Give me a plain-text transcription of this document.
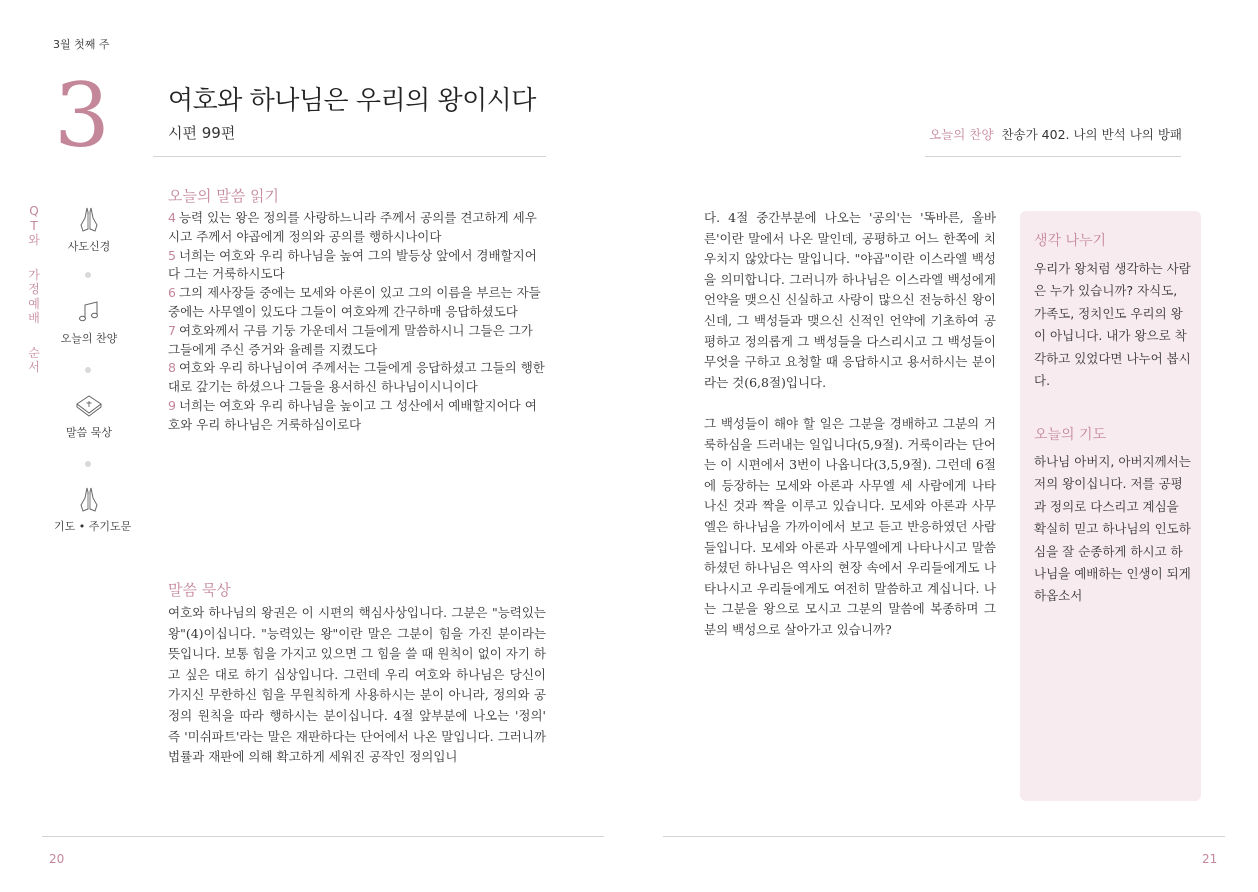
3월 첫째 주
3 여호와 하나님은 우리의 왕이시다
시편 99편
Q
T
와
가
정
예
배
순
서
사도신경
오늘의 찬양
말씀 묵상
기도 • 주기도문
오늘의 말씀 읽기
4 능력 있는 왕은 정의를 사랑하느니라 주께서 공의를 견고하게 세우시고 주께서 야곱에게 정의와 공의를 행하시나이다
5 너희는 여호와 우리 하나님을 높여 그의 발등상 앞에서 경배할지어다 그는 거룩하시도다
6 그의 제사장들 중에는 모세와 아론이 있고 그의 이름을 부르는 자들 중에는 사무엘이 있도다 그들이 여호와께 간구하매 응답하셨도다
7 여호와께서 구름 기둥 가운데서 그들에게 말씀하시니 그들은 그가 그들에게 주신 증거와 율례를 지켰도다
8 여호와 우리 하나님이여 주께서는 그들에게 응답하셨고 그들의 행한 대로 갚기는 하셨으나 그들을 용서하신 하나님이시니이다
9 너희는 여호와 우리 하나님을 높이고 그 성산에서 예배할지어다 여호와 우리 하나님은 거룩하심이로다
말씀 묵상

여호와 하나님의 왕권은 이 시편의 핵심사상입니다. 그분은 "능력있는 왕"(4)이십니다. "능력있는 왕"이란 말은 그분이 힘을 가진 분이라는 뜻입니다. 보통 힘을 가지고 있으면 그 힘을 쓸 때 원칙이 없이 자기 하고 싶은 대로 하기 십상입니다. 그런데 우리 여호와 하나님은 당신이 가지신 무한하신 힘을 무원칙하게 사용하시는 분이 아니라, 정의와 공정의 원칙을 따라 행하시는 분이십니다. 4절 앞부분에 나오는 '정의' 즉 '미쉬파트'라는 말은 재판하다는 단어에서 나온 말입니다. 그러니까 법률과 재판에 의해 확고하게 세워진 공작인 정의입니

20
오늘의 찬양 찬송가 402. 나의 반석 나의 방패

다. 4절 중간부분에 나오는 '공의'는 '똑바른, 올바른'이란 말에서 나온 말인데, 공평하고 어느 한쪽에 치우치지 않았다는 말입니다. "야곱"이란 이스라엘 백성을 의미합니다. 그러니까 하나님은 이스라엘 백성에게 언약을 맺으신 신실하고 사랑이 많으신 전능하신 왕이신데, 그 백성들과 맺으신 신적인 언약에 기초하여 공평하고 정의롭게 그 백성들을 다스리시고 그 백성들이 무엇을 구하고 요청할 때 응답하시고 용서하시는 분이라는 것(6,8절)입니다.

그 백성들이 해야 할 일은 그분을 경배하고 그분의 거룩하심을 드러내는 일입니다(5,9절). 거룩이라는 단어는 이 시편에서 3번이 나옵니다(3,5,9절). 그런데 6절에 등장하는 모세와 아론과 사무엘 세 사람에게 나타나신 것과 짝을 이루고 있습니다. 모세와 아론과 사무엘은 하나님을 가까이에서 보고 듣고 반응하였던 사람들입니다. 모세와 아론과 사무엘에게 나타나시고 말씀하셨던 하나님은 역사의 현장 속에서 우리들에게도 나타나시고 우리들에게도 여전히 말씀하고 계십니다. 나는 그분을 왕으로 모시고 그분의 말씀에 복종하며 그분의 백성으로 살아가고 있습니까?

생각 나누기
우리가 왕처럼 생각하는 사람은 누가 있습니까? 자식도, 가족도, 정치인도 우리의 왕이 아닙니다. 내가 왕으로 착각하고 있었다면 나누어 봅시다.
오늘의 기도
하나님 아버지, 아버지께서는 저의 왕이십니다. 저를 공평과 정의로 다스리고 계심을 확실히 믿고 하나님의 인도하심을 잘 순종하게 하시고 하나님을 예배하는 인생이 되게 하옵소서
21
